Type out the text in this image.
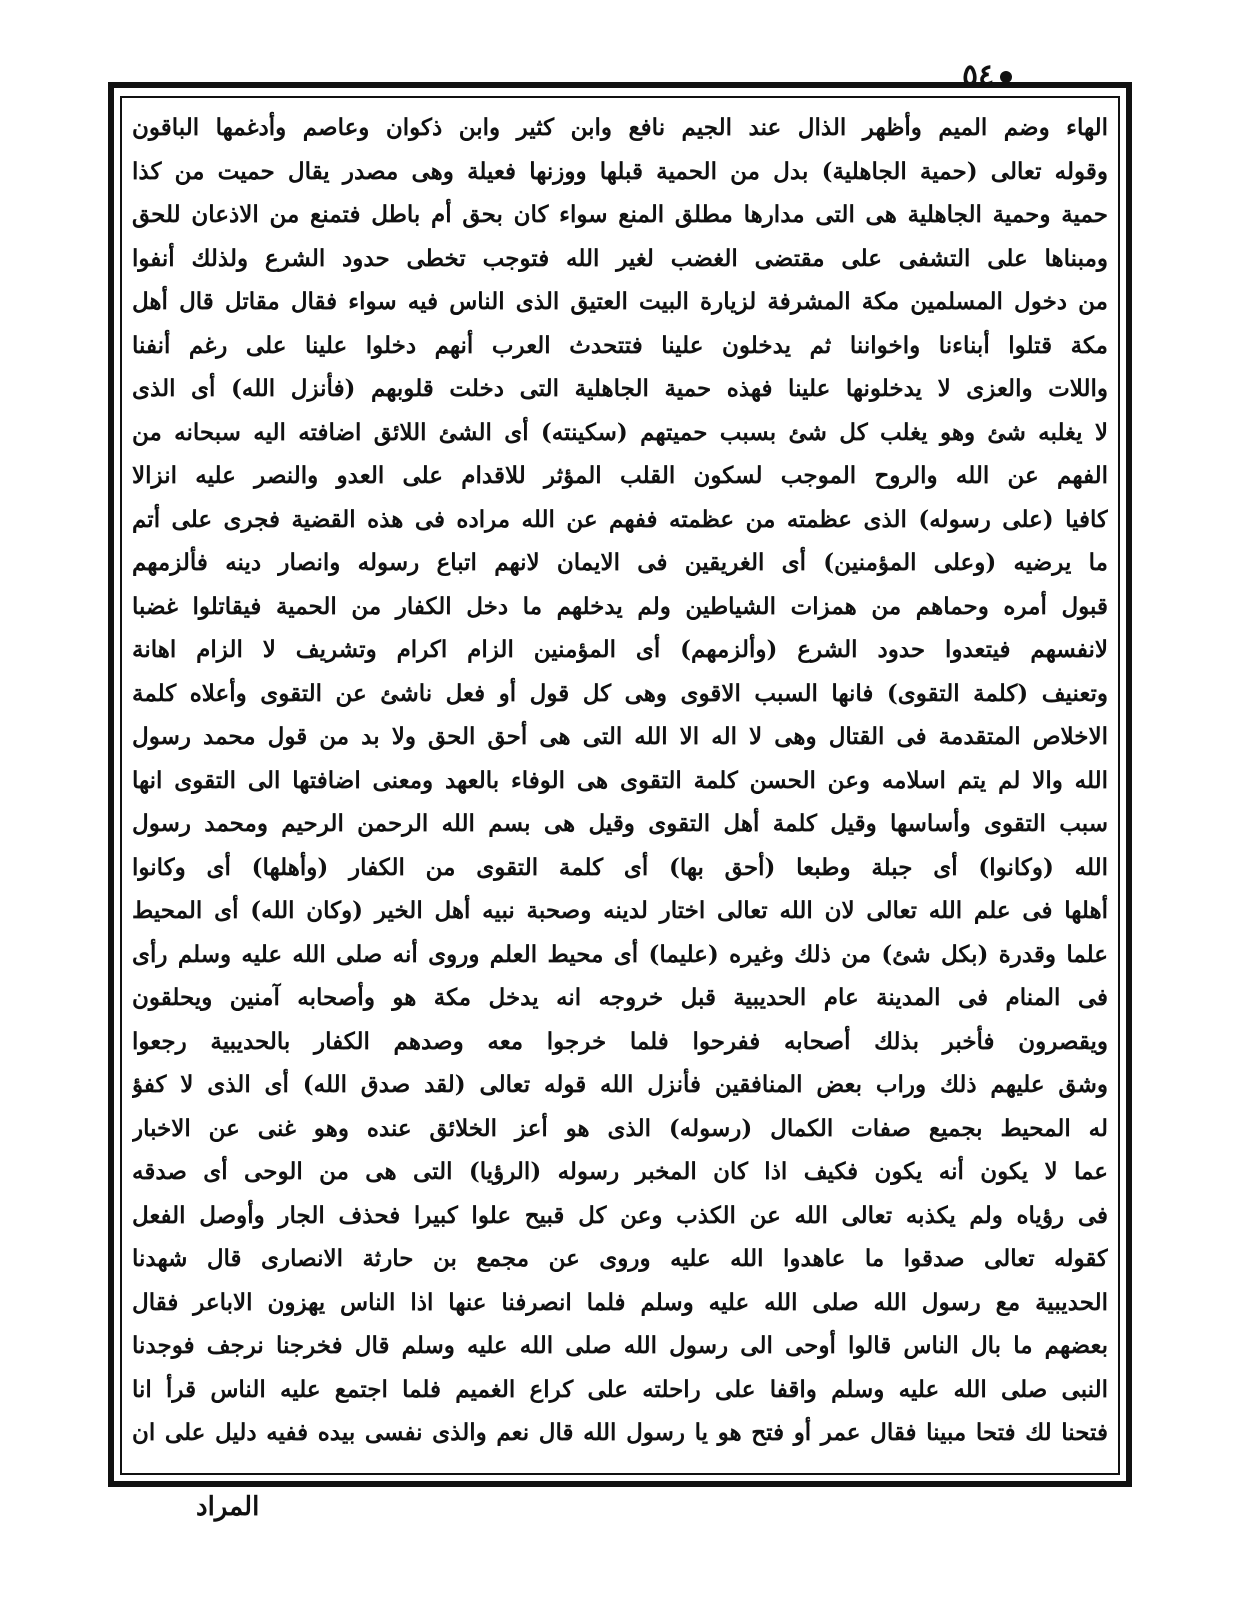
٥٤
الهاء وضم الميم وأظهر الذال عند الجيم نافع وابن كثير وابن ذكوان وعاصم وأدغمها الباقون
وقوله تعالى (حمية الجاهلية) بدل من الحمية قبلها ووزنها فعيلة وهى مصدر يقال حميت من كذا
حمية وحمية الجاهلية هى التى مدارها مطلق المنع سواء كان بحق أم باطل فتمنع من الاذعان للحق
ومبناها على التشفى على مقتضى الغضب لغير الله فتوجب تخطى حدود الشرع ولذلك أنفوا
من دخول المسلمين مكة المشرفة لزيارة البيت العتيق الذى الناس فيه سواء فقال مقاتل قال أهل
مكة قتلوا أبناءنا واخواننا ثم يدخلون علينا فتتحدث العرب أنهم دخلوا علينا على رغم أنفنا
واللات والعزى لا يدخلونها علينا فهذه حمية الجاهلية التى دخلت قلوبهم (فأنزل الله) أى الذى
لا يغلبه شئ وهو يغلب كل شئ بسبب حميتهم (سكينته) أى الشئ اللائق اضافته اليه سبحانه من
الفهم عن الله والروح الموجب لسكون القلب المؤثر للاقدام على العدو والنصر عليه انزالا
كافيا (على رسوله) الذى عظمته من عظمته ففهم عن الله مراده فى هذه القضية فجرى على أتم
ما يرضيه (وعلى المؤمنين) أى الغريقين فى الايمان لانهم اتباع رسوله وانصار دينه فألزمهم
قبول أمره وحماهم من همزات الشياطين ولم يدخلهم ما دخل الكفار من الحمية فيقاتلوا غضبا
لانفسهم فيتعدوا حدود الشرع (وألزمهم) أى المؤمنين الزام اكرام وتشريف لا الزام اهانة
وتعنيف (كلمة التقوى) فانها السبب الاقوى وهى كل قول أو فعل ناشئ عن التقوى وأعلاه كلمة
الاخلاص المتقدمة فى القتال وهى لا اله الا الله التى هى أحق الحق ولا بد من قول محمد رسول
الله والا لم يتم اسلامه وعن الحسن كلمة التقوى هى الوفاء بالعهد ومعنى اضافتها الى التقوى انها
سبب التقوى وأساسها وقيل كلمة أهل التقوى وقيل هى بسم الله الرحمن الرحيم ومحمد رسول
الله (وكانوا) أى جبلة وطبعا (أحق بها) أى كلمة التقوى من الكفار (وأهلها) أى وكانوا
أهلها فى علم الله تعالى لان الله تعالى اختار لدينه وصحبة نبيه أهل الخير (وكان الله) أى المحيط
علما وقدرة (بكل شئ) من ذلك وغيره (عليما) أى محيط العلم وروى أنه صلى الله عليه وسلم رأى
فى المنام فى المدينة عام الحديبية قبل خروجه انه يدخل مكة هو وأصحابه آمنين ويحلقون
ويقصرون فأخبر بذلك أصحابه ففرحوا فلما خرجوا معه وصدهم الكفار بالحديبية رجعوا
وشق عليهم ذلك وراب بعض المنافقين فأنزل الله قوله تعالى (لقد صدق الله) أى الذى لا كفؤ
له المحيط بجميع صفات الكمال (رسوله) الذى هو أعز الخلائق عنده وهو غنى عن الاخبار
عما لا يكون أنه يكون فكيف اذا كان المخبر رسوله (الرؤيا) التى هى من الوحى أى صدقه
فى رؤياه ولم يكذبه تعالى الله عن الكذب وعن كل قبيح علوا كبيرا فحذف الجار وأوصل الفعل
كقوله تعالى صدقوا ما عاهدوا الله عليه وروى عن مجمع بن حارثة الانصارى قال شهدنا
الحديبية مع رسول الله صلى الله عليه وسلم فلما انصرفنا عنها اذا الناس يهزون الاباعر فقال
بعضهم ما بال الناس قالوا أوحى الى رسول الله صلى الله عليه وسلم قال فخرجنا نرجف فوجدنا
النبى صلى الله عليه وسلم واقفا على راحلته على كراع الغميم فلما اجتمع عليه الناس قرأ انا
فتحنا لك فتحا مبينا فقال عمر أو فتح هو يا رسول الله قال نعم والذى نفسى بيده ففيه دليل على ان
المراد
